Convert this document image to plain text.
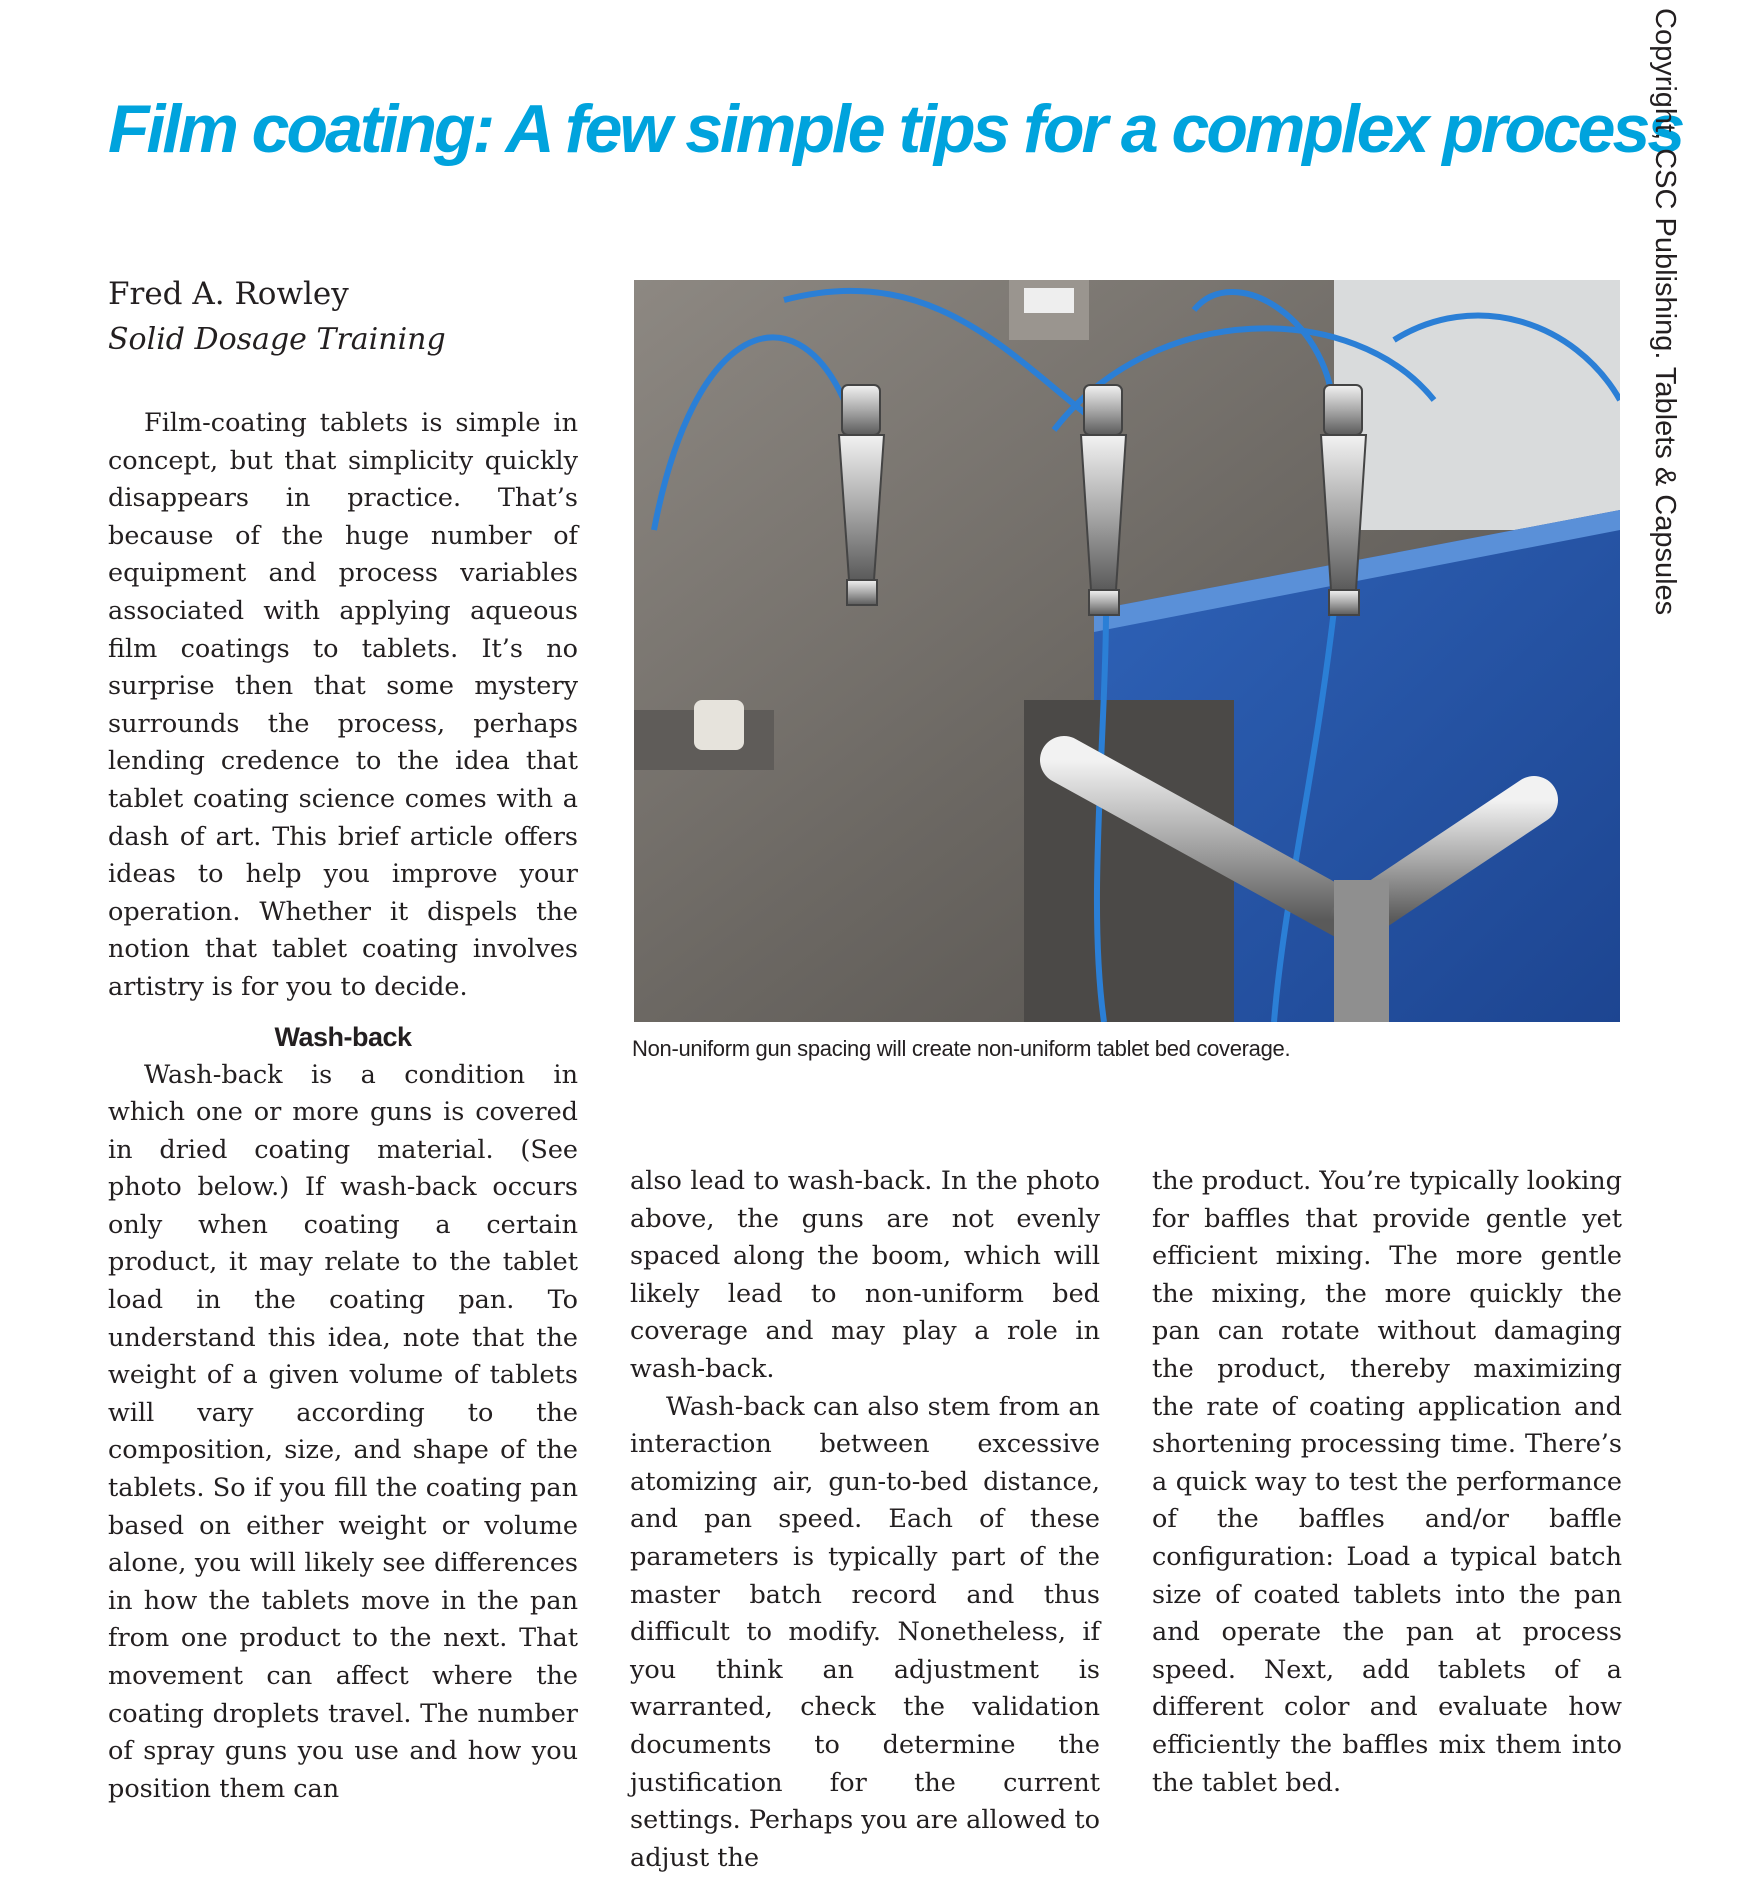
Film coating: A few simple tips for a complex process
Copyright, CSC Publishing. Tablets & Capsules
Fred A. Rowley
Solid Dosage Training

Film-coating tablets is simple in concept, but that simplicity quickly disappears in practice. That’s because of the huge number of equipment and process variables associated with applying aqueous film coatings to tablets. It’s no surprise then that some mystery surrounds the process, perhaps lending credence to the idea that tablet coating science comes with a dash of art. This brief article offers ideas to help you improve your operation. Whether it dispels the notion that tablet coating involves artistry is for you to decide.

Wash-back

Wash-back is a condition in which one or more guns is covered in dried coating material. (See photo below.) If wash-back occurs only when coating a certain product, it may relate to the tablet load in the coating pan. To understand this idea, note that the weight of a given volume of tablets will vary according to the composition, size, and shape of the tablets. So if you fill the coating pan based on either weight or volume alone, you will likely see differences in how the tablets move in the pan from one product to the next. That movement can affect where the coating droplets travel. The number of spray guns you use and how you position them can

Non-uniform gun spacing will create non-uniform tablet bed coverage.

also lead to wash-back. In the photo above, the guns are not evenly spaced along the boom, which will likely lead to non-uniform bed coverage and may play a role in wash-back.

Wash-back can also stem from an interaction between excessive atomizing air, gun-to-bed distance, and pan speed. Each of these parameters is typically part of the master batch record and thus difficult to modify. Nonetheless, if you think an adjustment is warranted, check the validation documents to determine the justification for the current settings. Perhaps you are allowed to adjust the

the product. You’re typically looking for baffles that provide gentle yet efficient mixing. The more gentle the mixing, the more quickly the pan can rotate without damaging the product, thereby maximizing the rate of coating application and shortening processing time. There’s a quick way to test the performance of the baffles and/or baffle configuration: Load a typical batch size of coated tablets into the pan and operate the pan at process speed. Next, add tablets of a different color and evaluate how efficiently the baffles mix them into the tablet bed.
